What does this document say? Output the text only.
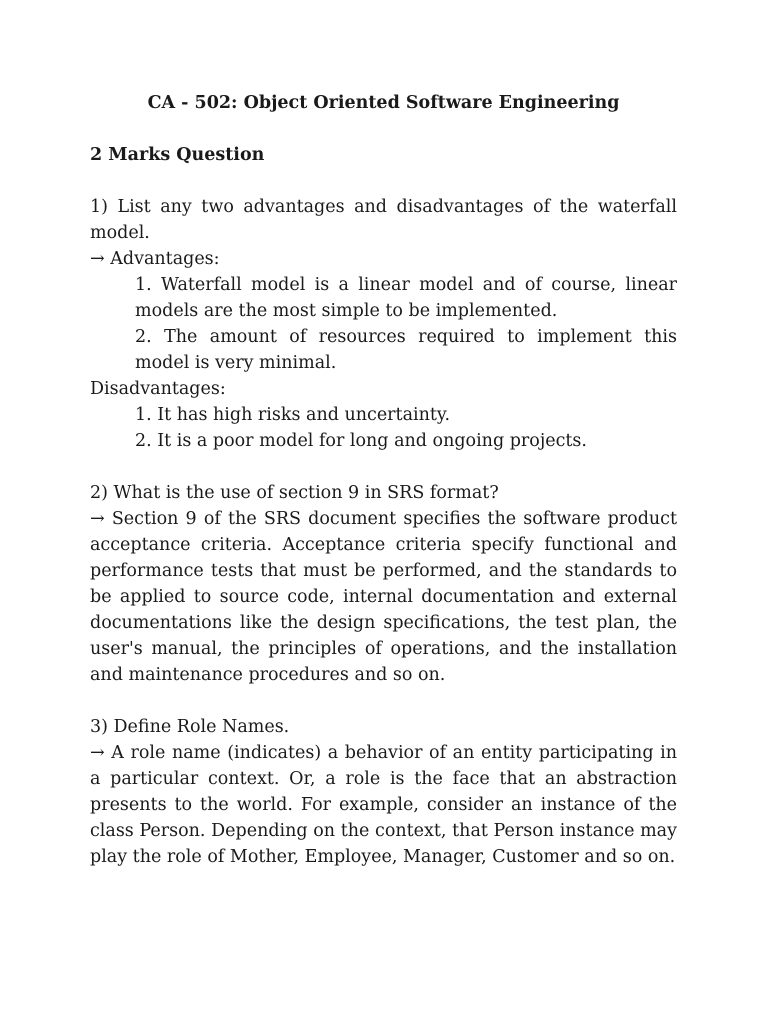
CA - 502: Object Oriented Software Engineering

2 Marks Question

1) List any two advantages and disadvantages of the waterfall model.

→ Advantages:

1. Waterfall model is a linear model and of course, linear models are the most simple to be implemented.

2. The amount of resources required to implement this model is very minimal.

Disadvantages:

1. It has high risks and uncertainty.

2. It is a poor model for long and ongoing projects.

2) What is the use of section 9 in SRS format?

→ Section 9 of the SRS document specifies the software product acceptance criteria. Acceptance criteria specify functional and performance tests that must be performed, and the standards to be applied to source code, internal documentation and external documentations like the design specifications, the test plan, the user's manual, the principles of operations, and the installation and maintenance procedures and so on.

3) Define Role Names.

→ A role name (indicates) a behavior of an entity participating in a particular context. Or, a role is the face that an abstraction presents to the world. For example, consider an instance of the class Person. Depending on the context, that Person instance may play the role of Mother, Employee, Manager, Customer and so on.
